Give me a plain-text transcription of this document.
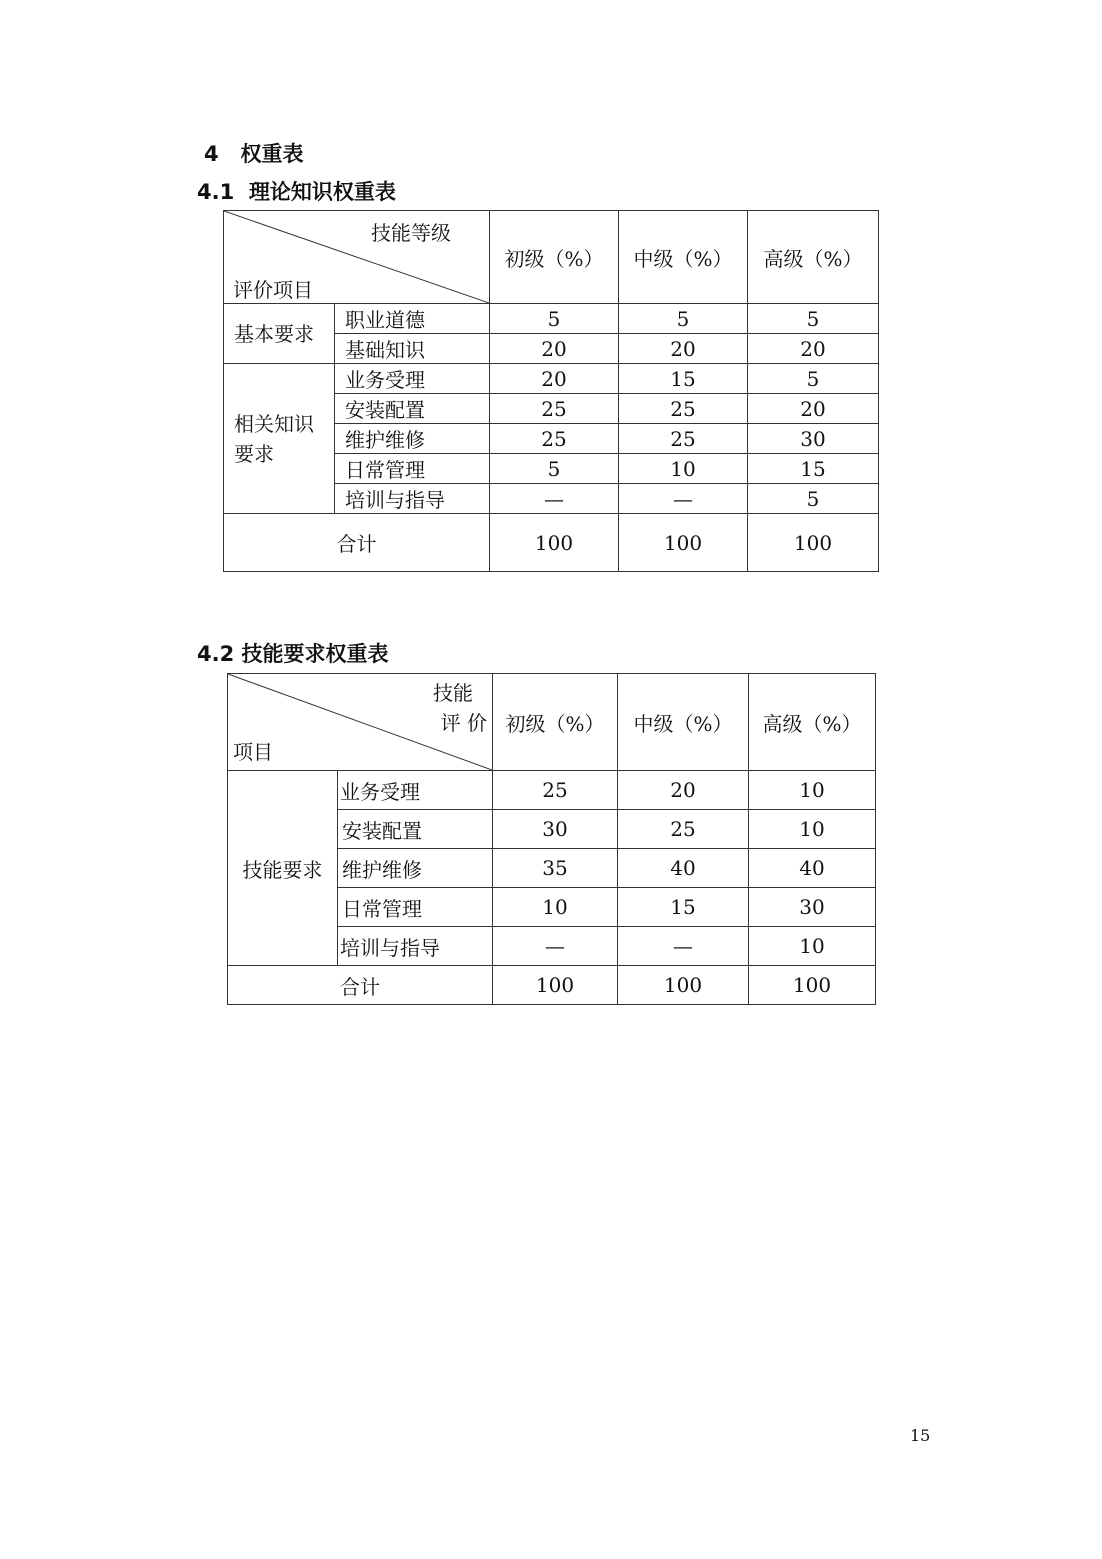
4   权重表
4.1  理论知识权重表
技能等级
评价项目		初级（%）	中级（%）	高级（%）
基本要求	职业道德	5	5	5
	基础知识	20	20	20
相关知识要求	业务受理	20	15	5
	安装配置	25	25	20
	维护维修	25	25	30
	日常管理	5	10	15
	培训与指导	—	—	5
合计		100	100	100
4.2 技能要求权重表
技能
评 价
项目		初级（%）	中级（%）	高级（%）
技能要求	业务受理	25	20	10
	安装配置	30	25	10
	维护维修	35	40	40
	日常管理	10	15	30
	培训与指导	—	—	10
合计		100	100	100
15
